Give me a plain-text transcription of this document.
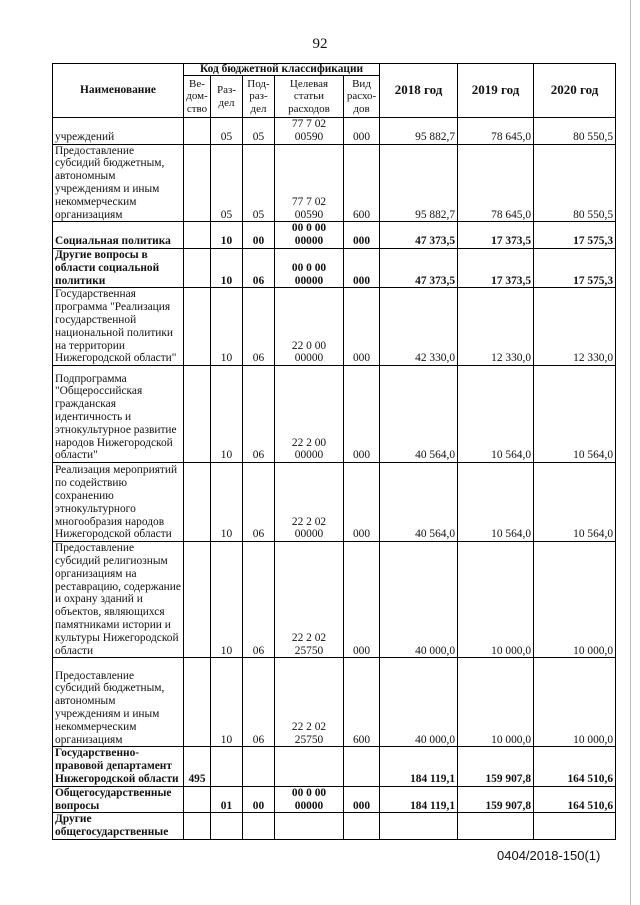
92
Наименование	Код бюджетной классификации					2018 год	2019 год	2020 год
	Ве-дом-ство	Раз-дел	Под-раз-дел	Целевая статьи расходов	Вид расхо-дов			
учреждений		05	05	77 7 02 00590	000	95 882,7	78 645,0	80 550,5
Предоставление субсидий бюджетным, автономным учреждениям и иным некоммерческим организациям		05	05	77 7 02 00590	600	95 882,7	78 645,0	80 550,5
Социальная политика		10	00	00 0 00 00000	000	47 373,5	17 373,5	17 575,3
Другие вопросы в области социальной политики		10	06	00 0 00 00000	000	47 373,5	17 373,5	17 575,3
Государственная программа "Реализация государственной национальной политики на территории Нижегородской области"		10	06	22 0 00 00000	000	42 330,0	12 330,0	12 330,0
Подпрограмма "Общероссийская гражданская идентичность и этнокультурное развитие народов Нижегородской области"		10	06	22 2 00 00000	000	40 564,0	10 564,0	10 564,0
Реализация мероприятий по содействию сохранению этнокультурного многообразия народов Нижегородской области		10	06	22 2 02 00000	000	40 564,0	10 564,0	10 564,0
Предоставление субсидий религиозным организациям на реставрацию, содержание и охрану зданий и объектов, являющихся памятниками истории и культуры Нижегородской области		10	06	22 2 02 25750	000	40 000,0	10 000,0	10 000,0
Предоставление субсидий бюджетным, автономным учреждениям и иным некоммерческим организациям		10	06	22 2 02 25750	600	40 000,0	10 000,0	10 000,0
Государственно-правовой департамент Нижегородской области	495					184 119,1	159 907,8	164 510,6
Общегосударственные вопросы		01	00	00 0 00 00000	000	184 119,1	159 907,8	164 510,6
Другие общегосударственные								
0404/2018-150(1)
